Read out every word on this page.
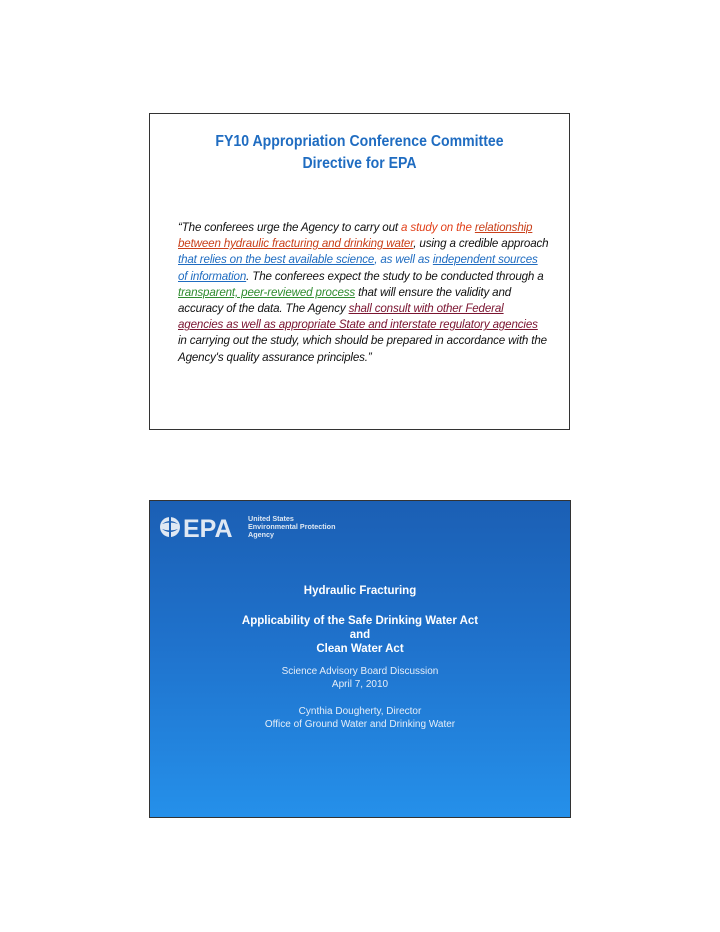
FY10 Appropriation Conference Committee
Directive for EPA
“The conferees urge the Agency to carry out a study on the relationship between hydraulic fracturing and drinking water, using a credible approach that relies on the best available science, as well as independent sources of information. The conferees expect the study to be conducted through a transparent, peer-reviewed process that will ensure the validity and accuracy of the data. The Agency shall consult with other Federal agencies as well as appropriate State and interstate regulatory agencies in carrying out the study, which should be prepared in accordance with the Agency's quality assurance principles.”
EPA United States
Environmental Protection
Agency
Hydraulic Fracturing
Applicability of the Safe Drinking Water Act
and
Clean Water Act
Science Advisory Board Discussion
April 7, 2010
Cynthia Dougherty, Director
Office of Ground Water and Drinking Water
